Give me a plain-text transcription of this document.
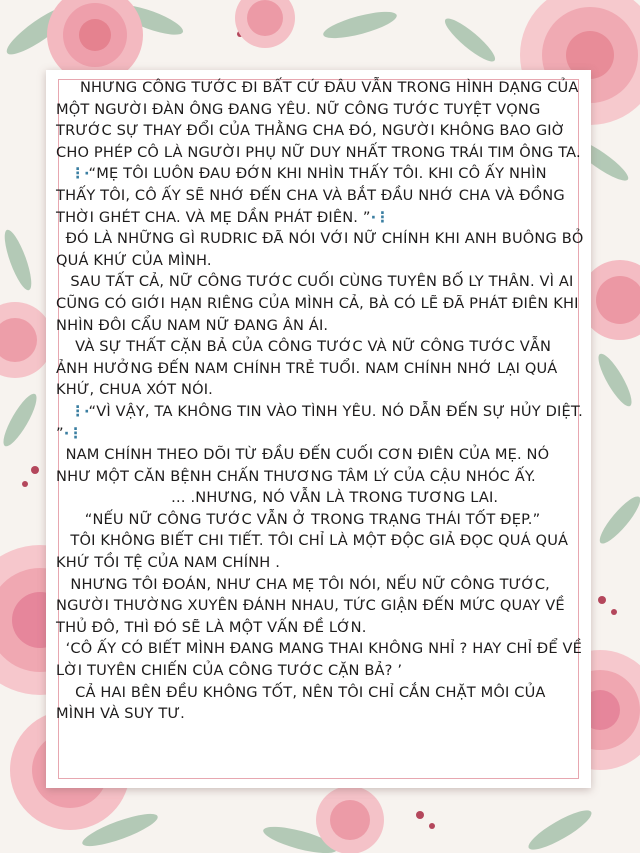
NHƯNG CÔNG TƯỚC ĐI BẤT CỨ ĐÂU VẪN TRONG HÌNH DẠNG CỦA MỘT NGƯỜI ĐÀN ÔNG ĐANG YÊU. NỮ CÔNG TƯỚC TUYỆT VỌNG TRƯỚC SỰ THAY ĐỔI CỦA THẰNG CHA ĐÓ, NGƯỜI KHÔNG BAO GIỜ CHO PHÉP CÔ LÀ NGƯỜI PHỤ NỮ DUY NHẤT TRONG TRÁI TIM ÔNG TA.

⋮·“MẸ TÔI LUÔN ĐAU ĐỚN KHI NHÌN THẤY TÔI. KHI CÔ ẤY NHÌN THẤY TÔI, CÔ ẤY SẼ NHỚ ĐẾN CHA VÀ BẮT ĐẦU NHỚ CHA VÀ ĐỒNG THỜI GHÉT CHA. VÀ MẸ DẦN PHÁT ĐIÊN. ”·⋮

ĐÓ LÀ NHỮNG GÌ RUDRIC ĐÃ NÓI VỚI NỮ CHÍNH KHI ANH BUÔNG BỎ QUÁ KHỨ CỦA MÌNH.

SAU TẤT CẢ, NỮ CÔNG TƯỚC CUỐI CÙNG TUYÊN BỐ LY THÂN. VÌ AI CŨNG CÓ GIỚI HẠN RIÊNG CỦA MÌNH CẢ, BÀ CÓ LẼ ĐÃ PHÁT ĐIÊN KHI NHÌN ĐÔI CẨU NAM NỮ ĐANG ÂN ÁI.

VÀ SỰ THẤT CẶN BẢ CỦA CÔNG TƯỚC VÀ NỮ CÔNG TƯỚC VẪN ẢNH HƯỞNG ĐẾN NAM CHÍNH TRẺ TUỔI. NAM CHÍNH NHỚ LẠI QUÁ KHỨ, CHUA XÓT NÓI.

⋮·“VÌ VẬY, TA KHÔNG TIN VÀO TÌNH YÊU. NÓ DẪN ĐẾN SỰ HỦY DIỆT. ”·⋮

NAM CHÍNH THEO DÕI TỪ ĐẦU ĐẾN CUỐI CƠN ĐIÊN CỦA MẸ. NÓ NHƯ MỘT CĂN BỆNH CHẤN THƯƠNG TÂM LÝ CỦA CẬU NHÓC ẤY.

… .NHƯNG, NÓ VẪN LÀ TRONG TƯƠNG LAI.

“NẾU NỮ CÔNG TƯỚC VẪN Ở TRONG TRẠNG THÁI TỐT ĐẸP.”

TÔI KHÔNG BIẾT CHI TIẾT. TÔI CHỈ LÀ MỘT ĐỘC GIẢ ĐỌC QUÁ QUÁ KHỨ TỒI TỆ CỦA NAM CHÍNH .

NHƯNG TÔI ĐOÁN, NHƯ CHA MẸ TÔI NÓI, NẾU NỮ CÔNG TƯỚC, NGƯỜI THƯỜNG XUYÊN ĐÁNH NHAU, TỨC GIẬN ĐẾN MỨC QUAY VỀ THỦ ĐÔ, THÌ ĐÓ SẼ LÀ MỘT VẤN ĐỀ LỚN.

‘CÔ ẤY CÓ BIẾT MÌNH ĐANG MANG THAI KHÔNG NHỈ ? HAY CHỈ ĐỂ VỀ LỜI TUYÊN CHIẾN CỦA CÔNG TƯỚC CẶN BẢ? ’

CẢ HAI BÊN ĐỀU KHÔNG TỐT, NÊN TÔI CHỈ CẮN CHẶT MÔI CỦA MÌNH VÀ SUY TƯ.
